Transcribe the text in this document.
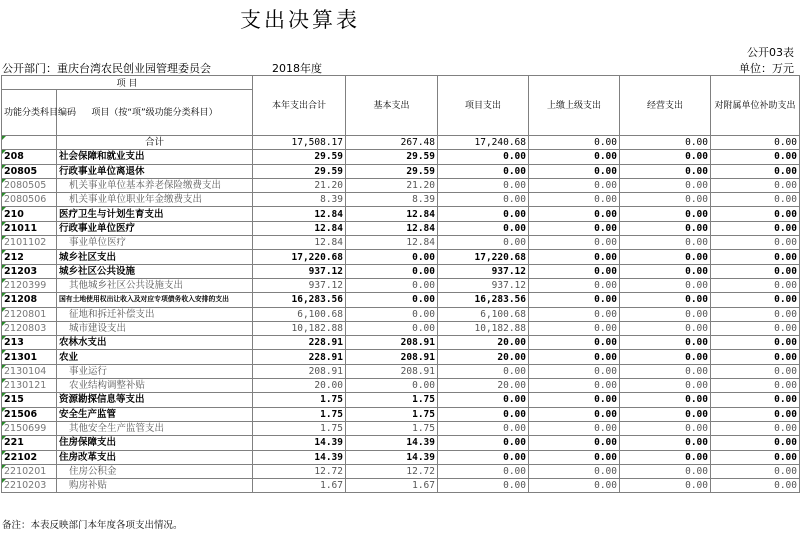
支出决算表
公开03表
公开部门：重庆台湾农民创业园管理委员会	2018年度	单位：万元
项 目		本年支出合计	基本支出	项目支出	上缴上级支出	经营支出	对附属单位补助支出
功能分类科目编码	项目（按“项”级功能分类科目）						

	合计	17,508.17	267.48	17,240.68	0.00	0.00	0.00

208	社会保障和就业支出	29.59	29.59	0.00	0.00	0.00	0.00

20805	行政事业单位离退休	29.59	29.59	0.00	0.00	0.00	0.00

2080505	机关事业单位基本养老保险缴费支出	21.20	21.20	0.00	0.00	0.00	0.00

2080506	机关事业单位职业年金缴费支出	8.39	8.39	0.00	0.00	0.00	0.00

210	医疗卫生与计划生育支出	12.84	12.84	0.00	0.00	0.00	0.00

21011	行政事业单位医疗	12.84	12.84	0.00	0.00	0.00	0.00

2101102	事业单位医疗	12.84	12.84	0.00	0.00	0.00	0.00

212	城乡社区支出	17,220.68	0.00	17,220.68	0.00	0.00	0.00

21203	城乡社区公共设施	937.12	0.00	937.12	0.00	0.00	0.00

2120399	其他城乡社区公共设施支出	937.12	0.00	937.12	0.00	0.00	0.00

21208	国有土地使用权出让收入及对应专项债务收入安排的支出	16,283.56	0.00	16,283.56	0.00	0.00	0.00

2120801	征地和拆迁补偿支出	6,100.68	0.00	6,100.68	0.00	0.00	0.00

2120803	城市建设支出	10,182.88	0.00	10,182.88	0.00	0.00	0.00

213	农林水支出	228.91	208.91	20.00	0.00	0.00	0.00

21301	农业	228.91	208.91	20.00	0.00	0.00	0.00

2130104	事业运行	208.91	208.91	0.00	0.00	0.00	0.00

2130121	农业结构调整补贴	20.00	0.00	20.00	0.00	0.00	0.00

215	资源勘探信息等支出	1.75	1.75	0.00	0.00	0.00	0.00

21506	安全生产监管	1.75	1.75	0.00	0.00	0.00	0.00

2150699	其他安全生产监管支出	1.75	1.75	0.00	0.00	0.00	0.00

221	住房保障支出	14.39	14.39	0.00	0.00	0.00	0.00

22102	住房改革支出	14.39	14.39	0.00	0.00	0.00	0.00

2210201	住房公积金	12.72	12.72	0.00	0.00	0.00	0.00

2210203	购房补贴	1.67	1.67	0.00	0.00	0.00	0.00
备注：本表反映部门本年度各项支出情况。
